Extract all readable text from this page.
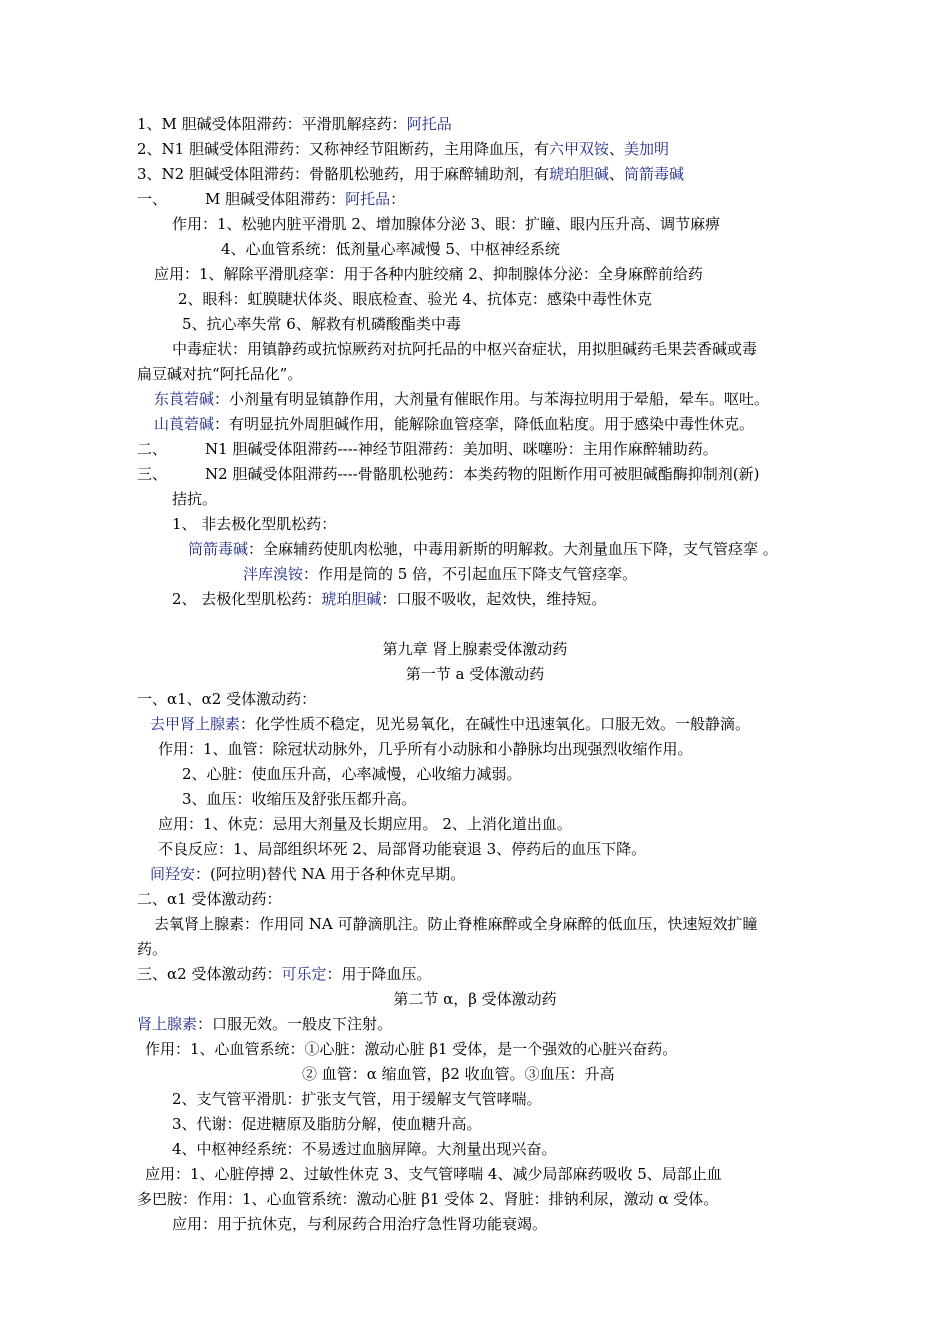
1、M 胆碱受体阻滞药：平滑肌解痉药：阿托品
2、N1 胆碱受体阻滞药：又称神经节阻断药，主用降血压，有六甲双铵、美加明
3、N2 胆碱受体阻滞药：骨骼肌松驰药，用于麻醉辅助剂，有琥珀胆碱、筒箭毒碱
一、	M 胆碱受体阻滞药：阿托品：
作用：1、松驰内脏平滑肌 2、增加腺体分泌 3、眼：扩瞳、眼内压升高、调节麻痹
4、心血管系统：低剂量心率减慢 5、中枢神经系统
应用：1、解除平滑肌痉挛：用于各种内脏绞痛 2、抑制腺体分泌：全身麻醉前给药
2、眼科：虹膜睫状体炎、眼底检查、验光 4、抗体克：感染中毒性休克
5、抗心率失常 6、解救有机磷酸酯类中毒
中毒症状：用镇静药或抗惊厥药对抗阿托品的中枢兴奋症状，用拟胆碱药毛果芸香碱或毒
扁豆碱对抗“阿托品化”。
东莨菪碱：小剂量有明显镇静作用，大剂量有催眠作用。与苯海拉明用于晕船，晕车。呕吐。
山莨菪碱：有明显抗外周胆碱作用，能解除血管痉挛，降低血粘度。用于感染中毒性休克。
二、	N1 胆碱受体阻滞药----神经节阻滞药：美加明、咪噻吩：主用作麻醉辅助药。
三、	N2 胆碱受体阻滞药----骨骼肌松驰药：本类药物的阻断作用可被胆碱酯酶抑制剂(新)
拮抗。
1、 非去极化型肌松药：
筒箭毒碱：全麻辅药使肌肉松驰，中毒用新斯的明解救。大剂量血压下降，支气管痉挛 。
泮库溴铵：作用是筒的 5 倍，不引起血压下降支气管痉挛。
2、 去极化型肌松药：琥珀胆碱：口服不吸收，起效快，维持短。
第九章 肾上腺素受体激动药
第一节 a 受体激动药
一、α1、α2 受体激动药：
去甲肾上腺素：化学性质不稳定，见光易氧化，在碱性中迅速氧化。口服无效。一般静滴。
作用：1、血管：除冠状动脉外，几乎所有小动脉和小静脉均出现强烈收缩作用。
2、心脏：使血压升高，心率减慢，心收缩力减弱。
3、血压：收缩压及舒张压都升高。
应用：1、休克：忌用大剂量及长期应用。 2、上消化道出血。
不良反应：1、局部组织坏死 2、局部肾功能衰退 3、停药后的血压下降。
间羟安：(阿拉明)替代 NA 用于各种休克早期。
二、α1 受体激动药：
去氧肾上腺素：作用同 NA 可静滴肌注。防止脊椎麻醉或全身麻醉的低血压，快速短效扩瞳
药。
三、α2 受体激动药：可乐定：用于降血压。
第二节 α，β 受体激动药
肾上腺素：口服无效。一般皮下注射。
作用：1、心血管系统：①心脏：激动心脏 β1 受体，是一个强效的心脏兴奋药。
② 血管：α 缩血管，β2 收血管。③血压：升高
2、支气管平滑肌：扩张支气管，用于缓解支气管哮喘。
3、代谢：促进糖原及脂肪分解，使血糖升高。
4、中枢神经系统：不易透过血脑屏障。大剂量出现兴奋。
应用：1、心脏停搏 2、过敏性休克 3、支气管哮喘 4、减少局部麻药吸收 5、局部止血
多巴胺：作用：1、心血管系统：激动心脏 β1 受体 2、肾脏：排钠利尿，激动 α 受体。
应用：用于抗休克，与利尿药合用治疗急性肾功能衰竭。
